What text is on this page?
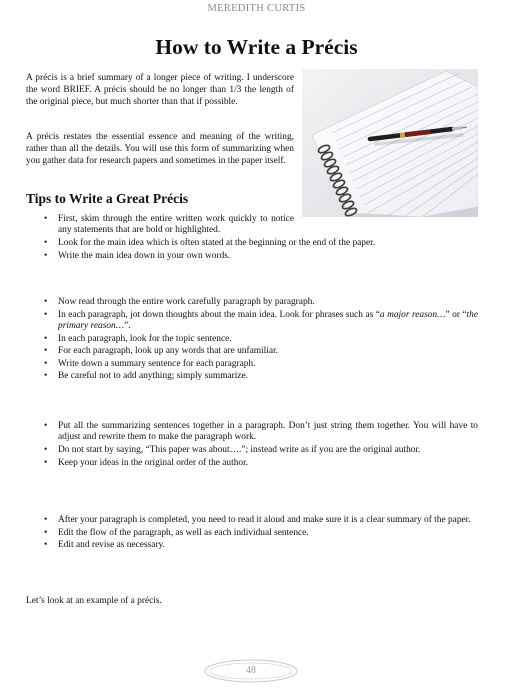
MEREDITH CURTIS
How to Write a Précis

A précis is a brief summary of a longer piece of writing. I underscore the word BRIEF. A précis should be no longer than 1/3 the length of the original piece, but much shorter than that if possible.

A précis restates the essential essence and meaning of the writing, rather than all the details. You will use this form of summarizing when you gather data for research papers and sometimes in the paper itself.

Tips to Write a Great Précis
• First, skim through the entire written work quickly to notice any statements that are bold or highlighted.
• Look for the main idea which is often stated at the beginning or the end of the paper.
• Write the main idea down in your own words.
• Now read through the entire work carefully paragraph by paragraph.
• In each paragraph, jot down thoughts about the main idea. Look for phrases such as “a major reason…” or “the primary reason…”.
• In each paragraph, look for the topic sentence.
• For each paragraph, look up any words that are unfamiliar.
• Write down a summary sentence for each paragraph.
• Be careful not to add anything; simply summarize.
• Put all the summarizing sentences together in a paragraph. Don’t just string them together. You will have to adjust and rewrite them to make the paragraph work.
• Do not start by saying, “This paper was about….”; instead write as if you are the original author.
• Keep your ideas in the original order of the author.
• After your paragraph is completed, you need to read it aloud and make sure it is a clear summary of the paper.
• Edit the flow of the paragraph, as well as each individual sentence.
• Edit and revise as necessary.

Let’s look at an example of a précis.

48
